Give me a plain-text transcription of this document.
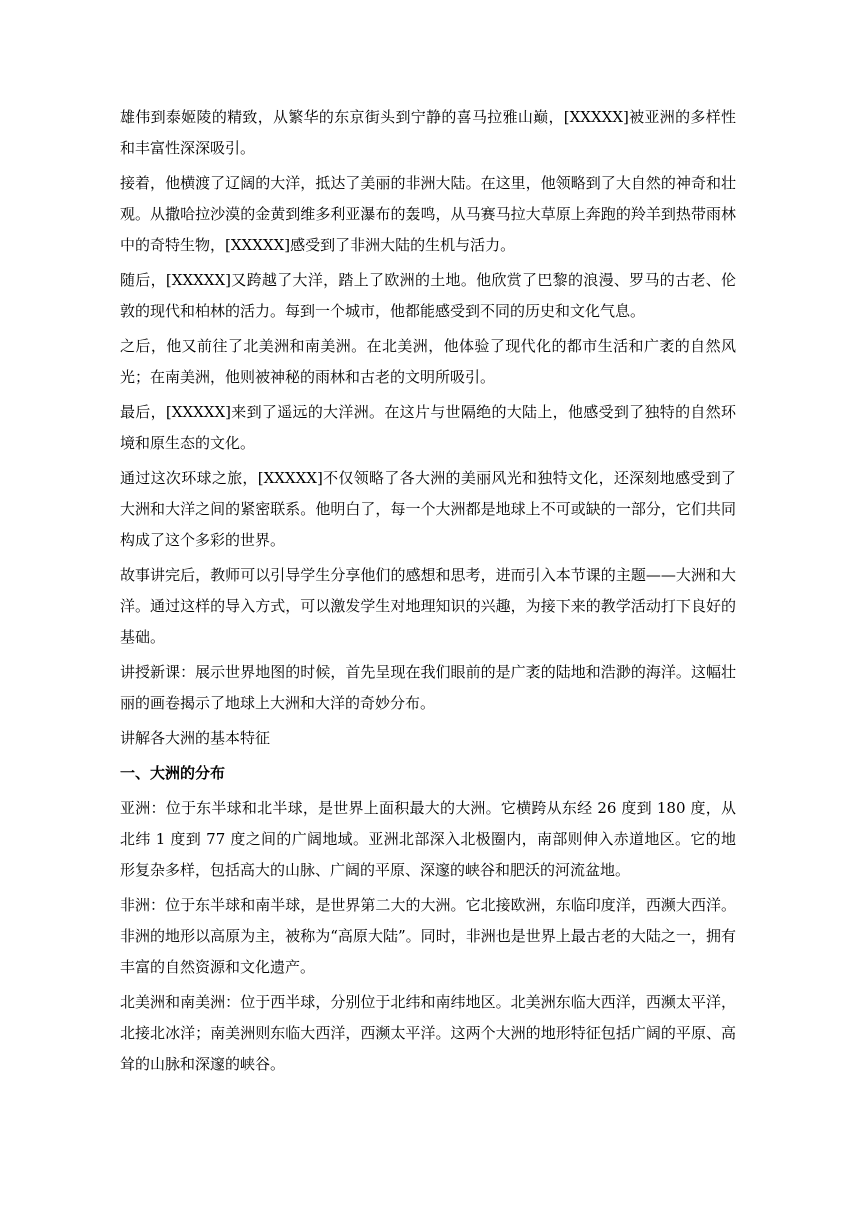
雄伟到泰姬陵的精致，从繁华的东京街头到宁静的喜马拉雅山巅，[XXXXX]被亚洲的多样性和丰富性深深吸引。

接着，他横渡了辽阔的大洋，抵达了美丽的非洲大陆。在这里，他领略到了大自然的神奇和壮观。从撒哈拉沙漠的金黄到维多利亚瀑布的轰鸣，从马赛马拉大草原上奔跑的羚羊到热带雨林中的奇特生物，[XXXXX]感受到了非洲大陆的生机与活力。

随后，[XXXXX]又跨越了大洋，踏上了欧洲的土地。他欣赏了巴黎的浪漫、罗马的古老、伦敦的现代和柏林的活力。每到一个城市，他都能感受到不同的历史和文化气息。

之后，他又前往了北美洲和南美洲。在北美洲，他体验了现代化的都市生活和广袤的自然风光；在南美洲，他则被神秘的雨林和古老的文明所吸引。

最后，[XXXXX]来到了遥远的大洋洲。在这片与世隔绝的大陆上，他感受到了独特的自然环境和原生态的文化。

通过这次环球之旅，[XXXXX]不仅领略了各大洲的美丽风光和独特文化，还深刻地感受到了大洲和大洋之间的紧密联系。他明白了，每一个大洲都是地球上不可或缺的一部分，它们共同构成了这个多彩的世界。

故事讲完后，教师可以引导学生分享他们的感想和思考，进而引入本节课的主题——大洲和大洋。通过这样的导入方式，可以激发学生对地理知识的兴趣，为接下来的教学活动打下良好的基础。

讲授新课：展示世界地图的时候，首先呈现在我们眼前的是广袤的陆地和浩渺的海洋。这幅壮丽的画卷揭示了地球上大洲和大洋的奇妙分布。

讲解各大洲的基本特征

一、大洲的分布

亚洲：位于东半球和北半球，是世界上面积最大的大洲。它横跨从东经 26 度到 180 度，从北纬 1 度到 77 度之间的广阔地域。亚洲北部深入北极圈内，南部则伸入赤道地区。它的地形复杂多样，包括高大的山脉、广阔的平原、深邃的峡谷和肥沃的河流盆地。

非洲：位于东半球和南半球，是世界第二大的大洲。它北接欧洲，东临印度洋，西濒大西洋。非洲的地形以高原为主，被称为“高原大陆”。同时，非洲也是世界上最古老的大陆之一，拥有丰富的自然资源和文化遗产。

北美洲和南美洲：位于西半球，分别位于北纬和南纬地区。北美洲东临大西洋，西濒太平洋，北接北冰洋；南美洲则东临大西洋，西濒太平洋。这两个大洲的地形特征包括广阔的平原、高耸的山脉和深邃的峡谷。
